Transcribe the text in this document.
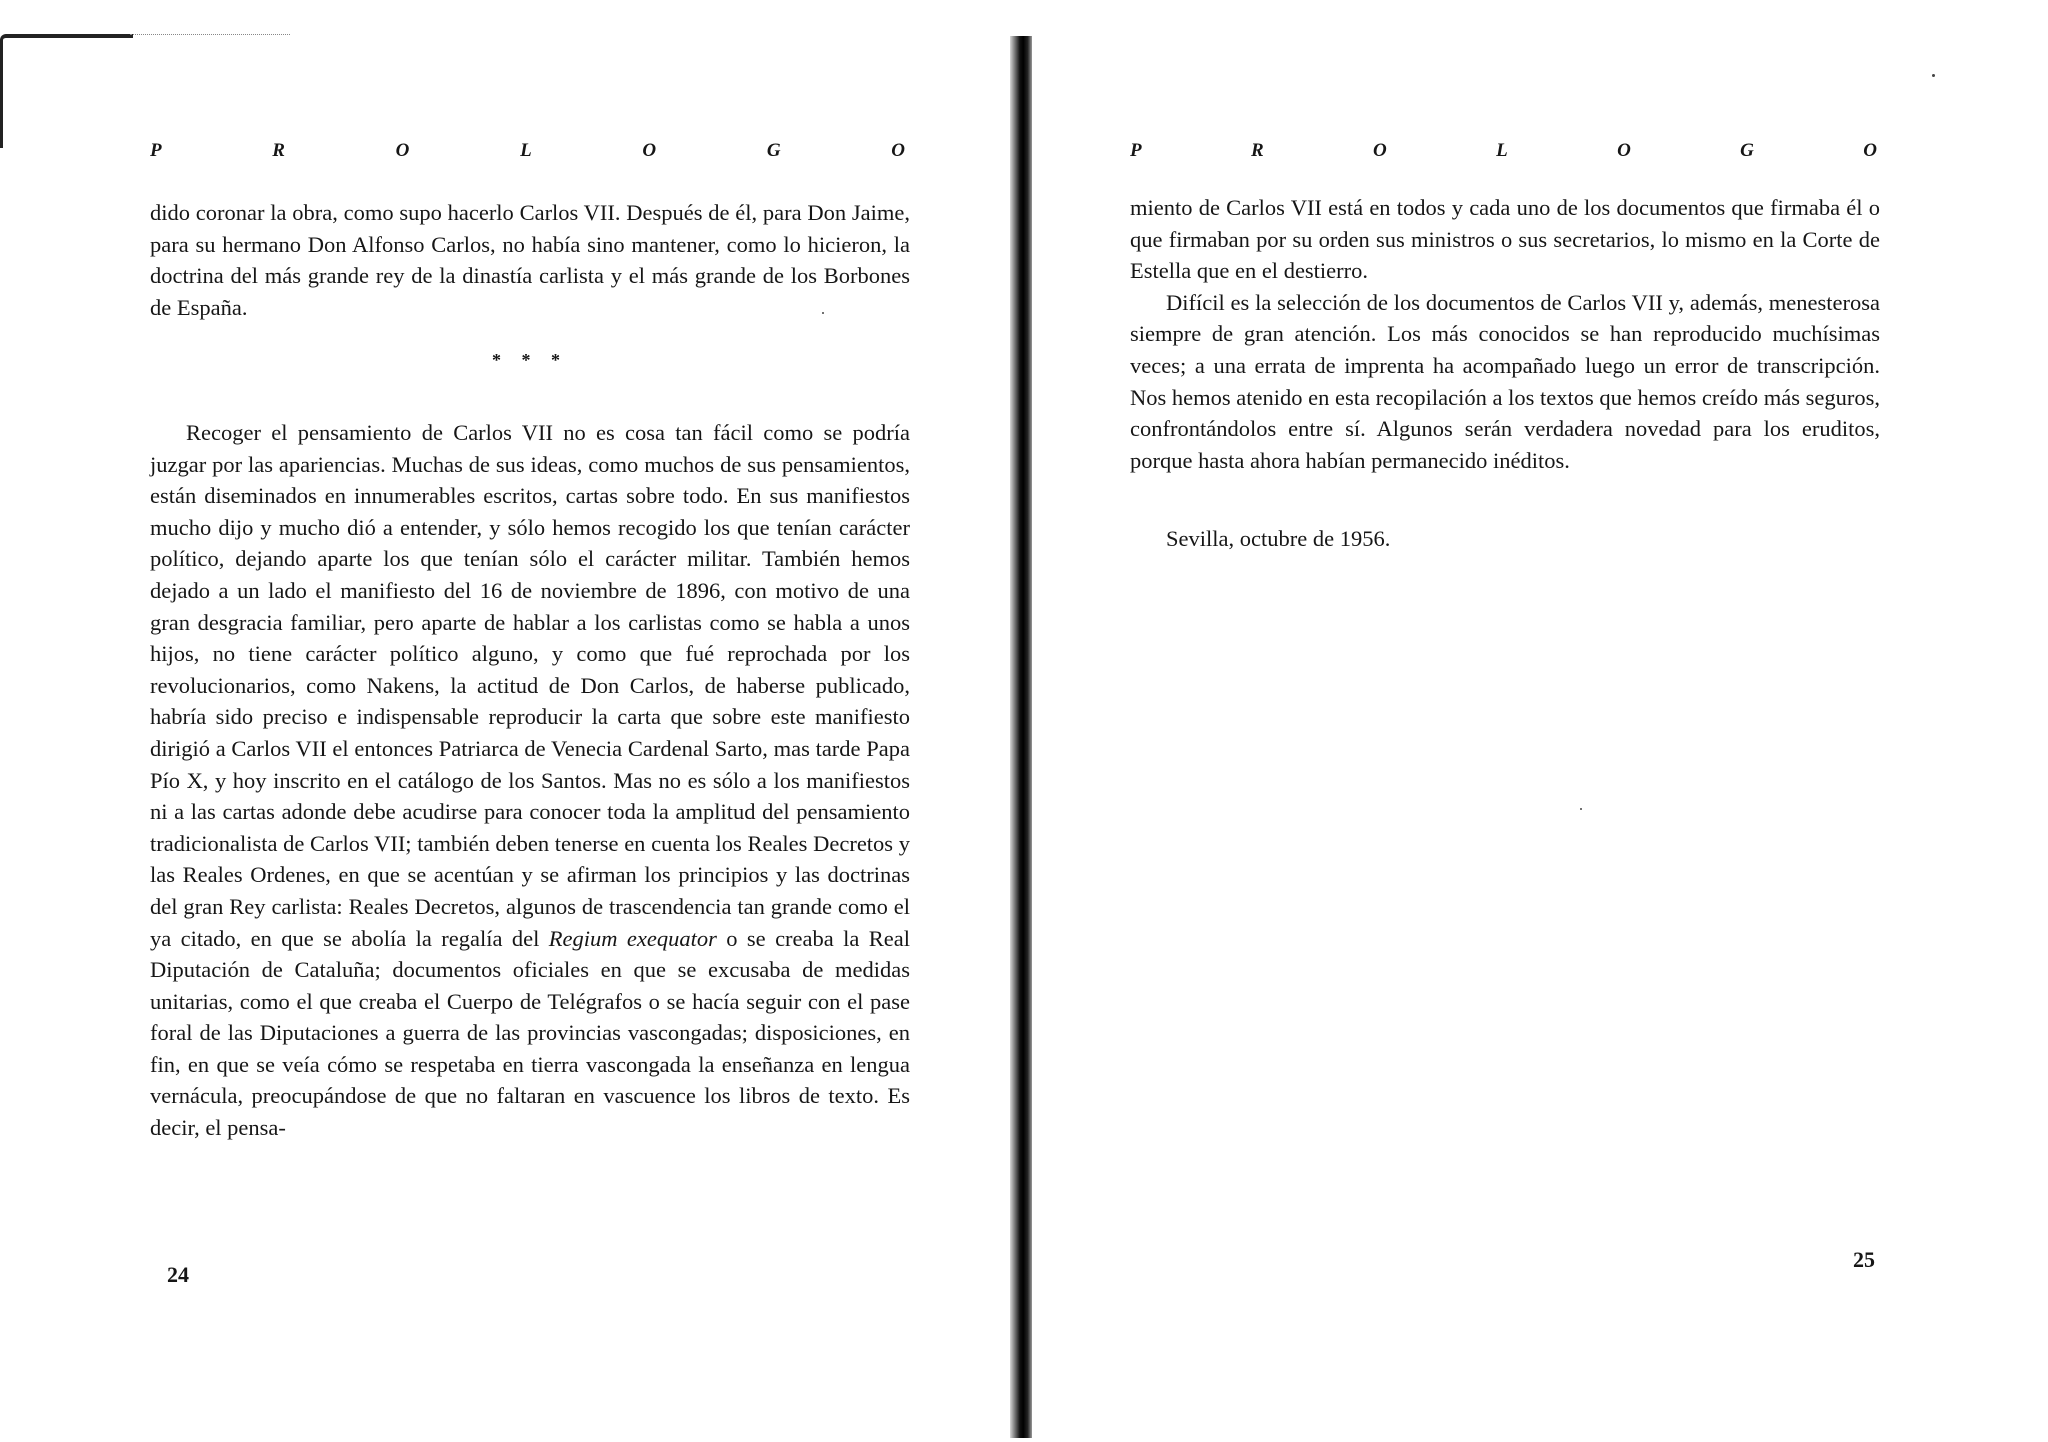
P	R	O	L	O	G	O

dido coronar la obra, como supo hacerlo Carlos VII. Después de él, para Don Jaime, para su hermano Don Alfonso Carlos, no había sino mantener, como lo hicieron, la doctrina del más grande rey de la dinastía carlista y el más grande de los Borbones de España.

* * *

Recoger el pensamiento de Carlos VII no es cosa tan fácil como se podría juzgar por las apariencias. Muchas de sus ideas, como muchos de sus pensamientos, están diseminados en innumerables escritos, cartas sobre todo. En sus manifiestos mucho dijo y mucho dió a entender, y sólo hemos recogido los que tenían carácter político, dejando aparte los que tenían sólo el carácter militar. También hemos dejado a un lado el manifiesto del 16 de noviembre de 1896, con motivo de una gran desgracia familiar, pero aparte de hablar a los carlistas como se habla a unos hijos, no tiene carácter político alguno, y como que fué reprochada por los revolucionarios, como Nakens, la actitud de Don Carlos, de haberse publicado, habría sido preciso e indispensable reproducir la carta que sobre este manifiesto dirigió a Carlos VII el entonces Patriarca de Venecia Cardenal Sarto, mas tarde Papa Pío X, y hoy inscrito en el catálogo de los Santos. Mas no es sólo a los manifiestos ni a las cartas adonde debe acudirse para conocer toda la amplitud del pensamiento tradicionalista de Carlos VII; también deben tenerse en cuenta los Reales Decretos y las Reales Ordenes, en que se acentúan y se afirman los principios y las doctrinas del gran Rey carlista: Reales Decretos, algunos de trascendencia tan grande como el ya citado, en que se abolía la regalía del Regium exequator o se creaba la Real Diputación de Cataluña; documentos oficiales en que se excusaba de medidas unitarias, como el que creaba el Cuerpo de Telégrafos o se hacía seguir con el pase foral de las Diputaciones a guerra de las provincias vascongadas; disposiciones, en fin, en que se veía cómo se respetaba en tierra vascongada la enseñanza en lengua vernácula, preocupándose de que no faltaran en vascuence los libros de texto. Es decir, el pensa-

24
P	R	O	L	O	G	O

miento de Carlos VII está en todos y cada uno de los documentos que firmaba él o que firmaban por su orden sus ministros o sus secretarios, lo mismo en la Corte de Estella que en el destierro.

Difícil es la selección de los documentos de Carlos VII y, además, menesterosa siempre de gran atención. Los más conocidos se han reproducido muchísimas veces; a una errata de imprenta ha acompañado luego un error de transcripción. Nos hemos atenido en esta recopilación a los textos que hemos creído más seguros, confrontándolos entre sí. Algunos serán verdadera novedad para los eruditos, porque hasta ahora habían permanecido inéditos.

Sevilla, octubre de 1956.
25
